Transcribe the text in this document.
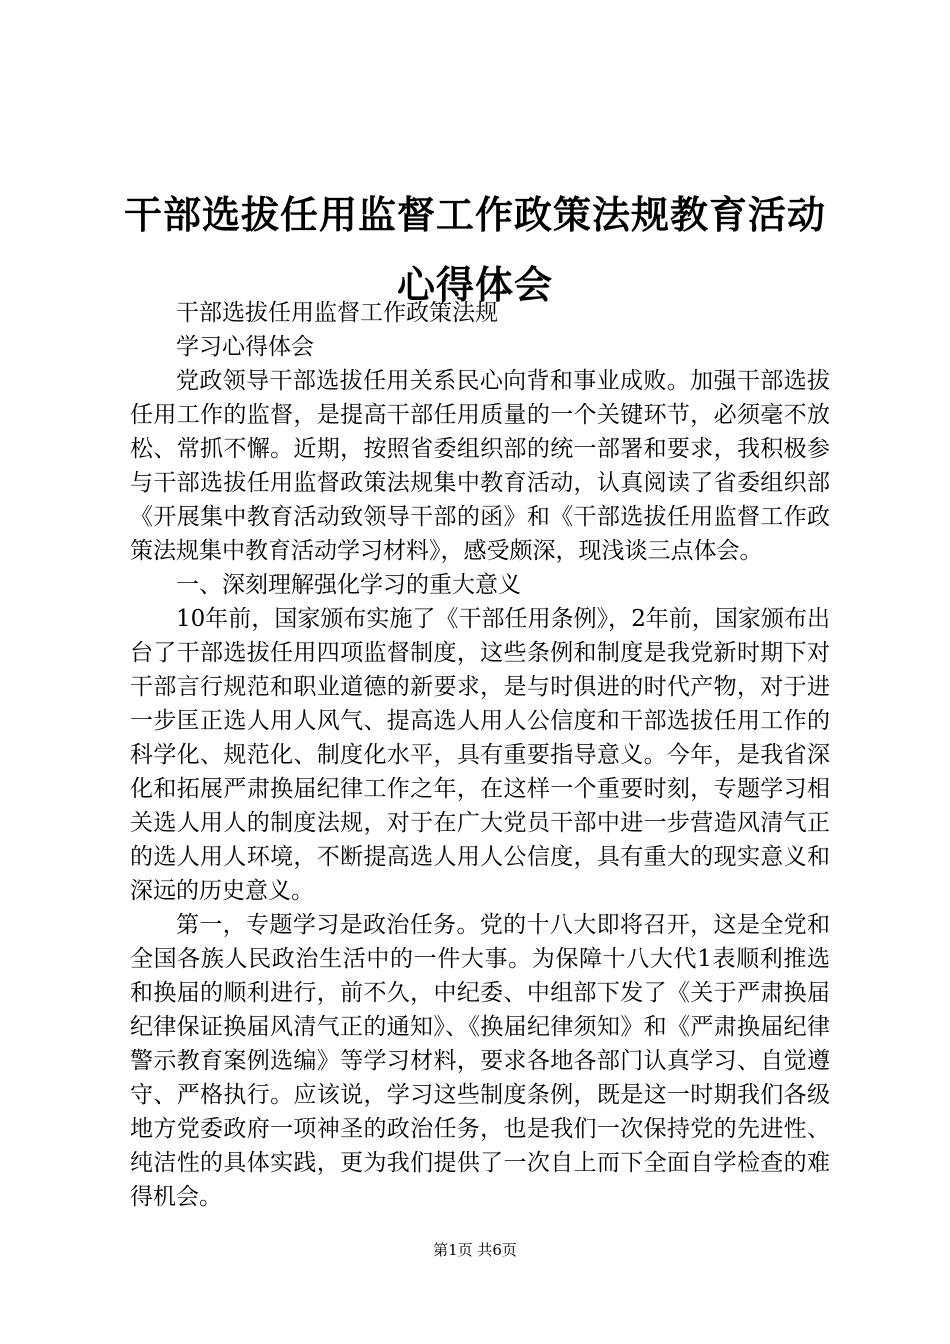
干部选拔任用监督工作政策法规教育活动心得体会

干部选拔任用监督工作政策法规

学习心得体会

党政领导干部选拔任用关系民心向背和事业成败。加强干部选拔任用工作的监督，是提高干部任用质量的一个关键环节，必须毫不放松、常抓不懈。近期，按照省委组织部的统一部署和要求，我积极参与干部选拔任用监督政策法规集中教育活动，认真阅读了省委组织部《开展集中教育活动致领导干部的函》和《干部选拔任用监督工作政策法规集中教育活动学习材料》，感受颇深，现浅谈三点体会。

一、深刻理解强化学习的重大意义

10年前，国家颁布实施了《干部任用条例》，2年前，国家颁布出台了干部选拔任用四项监督制度，这些条例和制度是我党新时期下对干部言行规范和职业道德的新要求，是与时俱进的时代产物，对于进一步匡正选人用人风气、提高选人用人公信度和干部选拔任用工作的科学化、规范化、制度化水平，具有重要指导意义。今年，是我省深化和拓展严肃换届纪律工作之年，在这样一个重要时刻，专题学习相关选人用人的制度法规，对于在广大党员干部中进一步营造风清气正的选人用人环境，不断提高选人用人公信度，具有重大的现实意义和深远的历史意义。

第一，专题学习是政治任务。党的十八大即将召开，这是全党和全国各族人民政治生活中的一件大事。为保障十八大代1表顺利推选和换届的顺利进行，前不久，中纪委、中组部下发了《关于严肃换届纪律保证换届风清气正的通知》、《换届纪律须知》和《严肃换届纪律警示教育案例选编》等学习材料，要求各地各部门认真学习、自觉遵守、严格执行。应该说，学习这些制度条例，既是这一时期我们各级地方党委政府一项神圣的政治任务，也是我们一次保持党的先进性、纯洁性的具体实践，更为我们提供了一次自上而下全面自学检查的难得机会。

第1页 共6页
